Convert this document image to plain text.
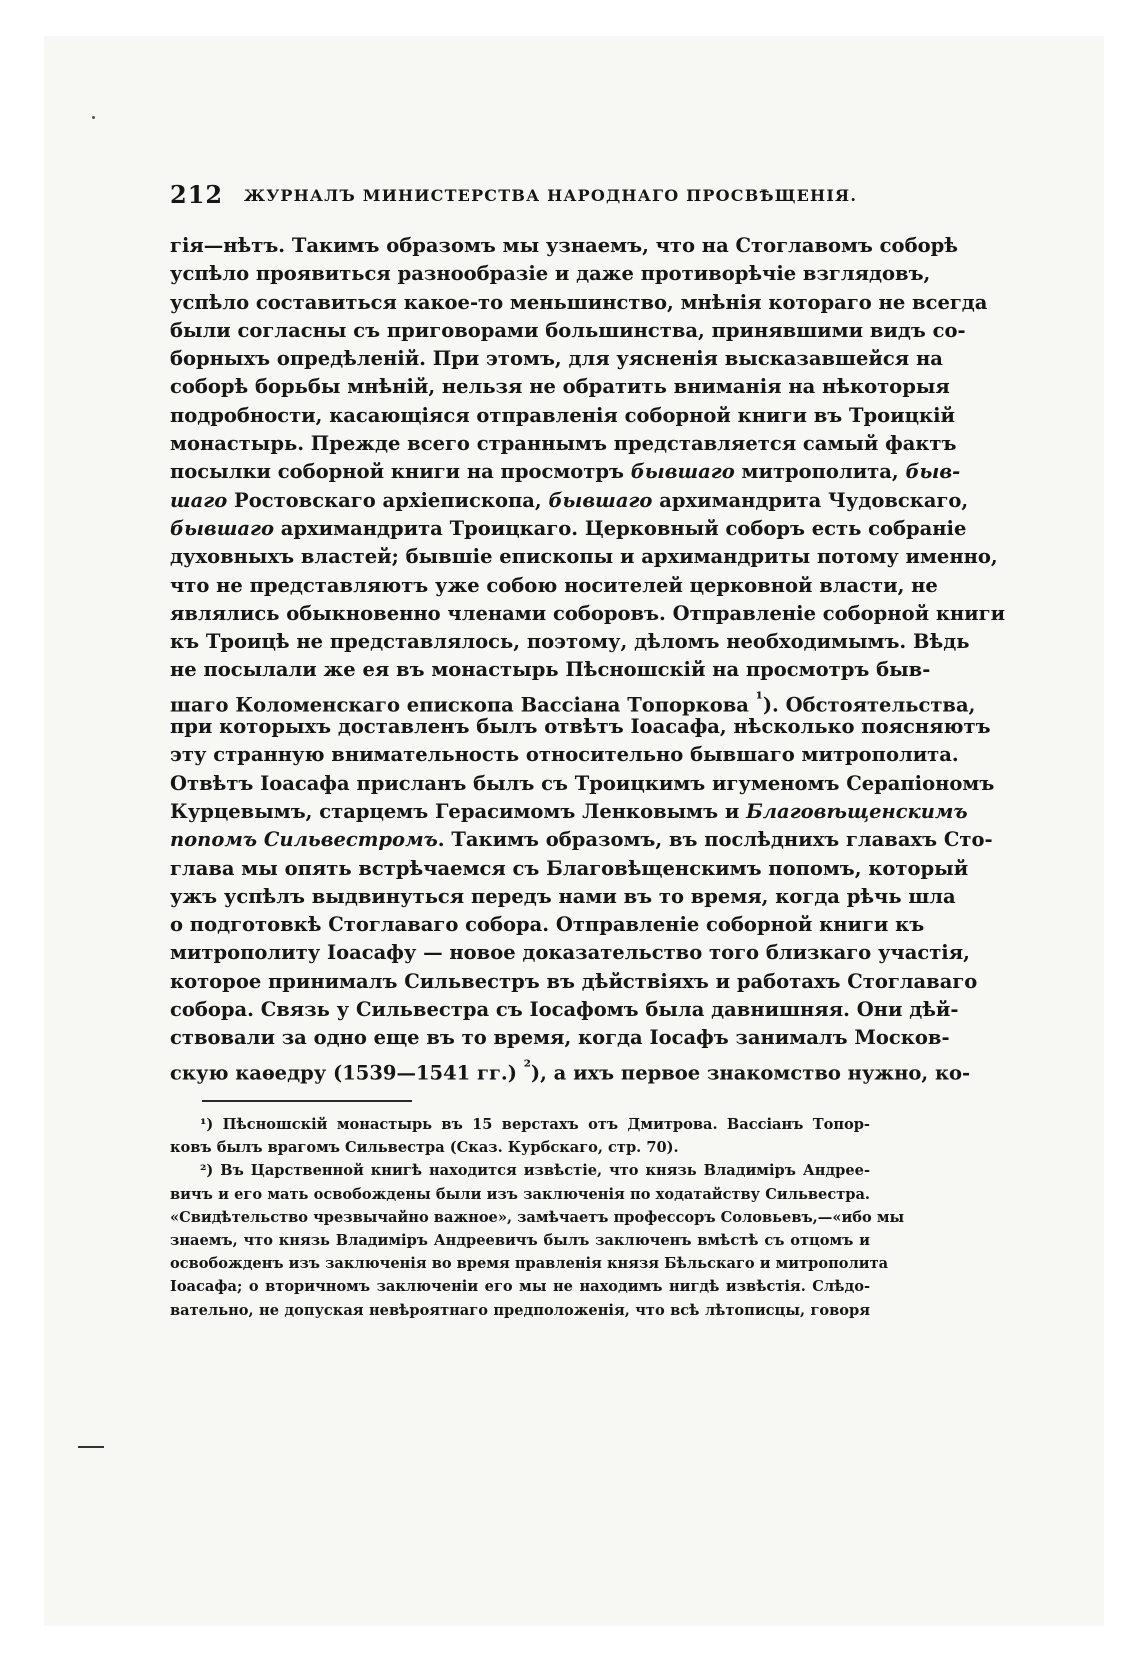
212 ЖУРНАЛЪ МИНИСТЕРСТВА НАРОДНАГО ПРОСВѢЩЕНІЯ.
гія—нѣтъ. Такимъ образомъ мы узнаемъ, что на Стоглавомъ соборѣ
успѣло проявиться разнообразіе и даже противорѣчіе взглядовъ,
успѣло составиться какое-то меньшинство, мнѣнія котораго не всегда
были согласны съ приговорами большинства, принявшими видъ со-
борныхъ опредѣленій. При этомъ, для уясненія высказавшейся на
соборѣ борьбы мнѣній, нельзя не обратить вниманія на нѣкоторыя
подробности, касающіяся отправленія соборной книги въ Троицкій
монастырь. Прежде всего страннымъ представляется самый фактъ
посылки соборной книги на просмотръ бывшаго митрополита, быв-
шаго Ростовскаго архіепископа, бывшаго архимандрита Чудовскаго,
бывшаго архимандрита Троицкаго. Церковный соборъ есть собраніе
духовныхъ властей; бывшіе епископы и архимандриты потому именно,
что не представляютъ уже собою носителей церковной власти, не
являлись обыкновенно членами соборовъ. Отправленіе соборной книги
къ Троицѣ не представлялось, поэтому, дѣломъ необходимымъ. Вѣдь
не посылали же ея въ монастырь Пѣсношскій на просмотръ быв-
шаго Коломенскаго епископа Вассіана Топоркова $^{^1}$). Обстоятельства,
при которыхъ доставленъ былъ отвѣтъ Іоасафа, нѣсколько поясняютъ
эту странную внимательность относительно бывшаго митрополита.
Отвѣтъ Іоасафа присланъ былъ съ Троицкимъ игуменомъ Серапіономъ
Курцевымъ, старцемъ Герасимомъ Ленковымъ и Благовѣщенскимъ
попомъ Сильвестромъ. Такимъ образомъ, въ послѣднихъ главахъ Сто-
глава мы опять встрѣчаемся съ Благовѣщенскимъ попомъ, который
ужъ успѣлъ выдвинуться передъ нами въ то время, когда рѣчь шла
о подготовкѣ Стоглаваго собора. Отправленіе соборной книги къ
митрополиту Іоасафу — новое доказательство того близкаго участія,
которое принималъ Сильвестръ въ дѣйствіяхъ и работахъ Стоглаваго
собора. Связь у Сильвестра съ Іосафомъ была давнишняя. Они дѣй-
ствовали за одно еще въ то время, когда Іосафъ занималъ Москов-
скую каѳедру (1539—1541 гг.) $^{^2}$), а ихъ первое знакомство нужно, ко-
¹) Пѣсношскій монастырь въ 15 верстахъ отъ Дмитрова. Вассіанъ Топор-
ковъ былъ врагомъ Сильвестра (Сказ. Курбскаго, стр. 70).
²) Въ Царственной книгѣ находится извѣстіе, что князь Владиміръ Андрее-
вичъ и его мать освобождены были изъ заключенія по ходатайству Сильвестра.
«Свидѣтельство чрезвычайно важное», замѣчаетъ профессоръ Соловьевъ,—«ибо мы
знаемъ, что князь Владиміръ Андреевичъ былъ заключенъ вмѣстѣ съ отцомъ и
освобожденъ изъ заключенія во время правленія князя Бѣльскаго и митрополита
Іоасафа; о вторичномъ заключеніи его мы не находимъ нигдѣ извѣстія. Слѣдо-
вательно, не допуская невѣроятнаго предположенія, что всѣ лѣтописцы, говоря
